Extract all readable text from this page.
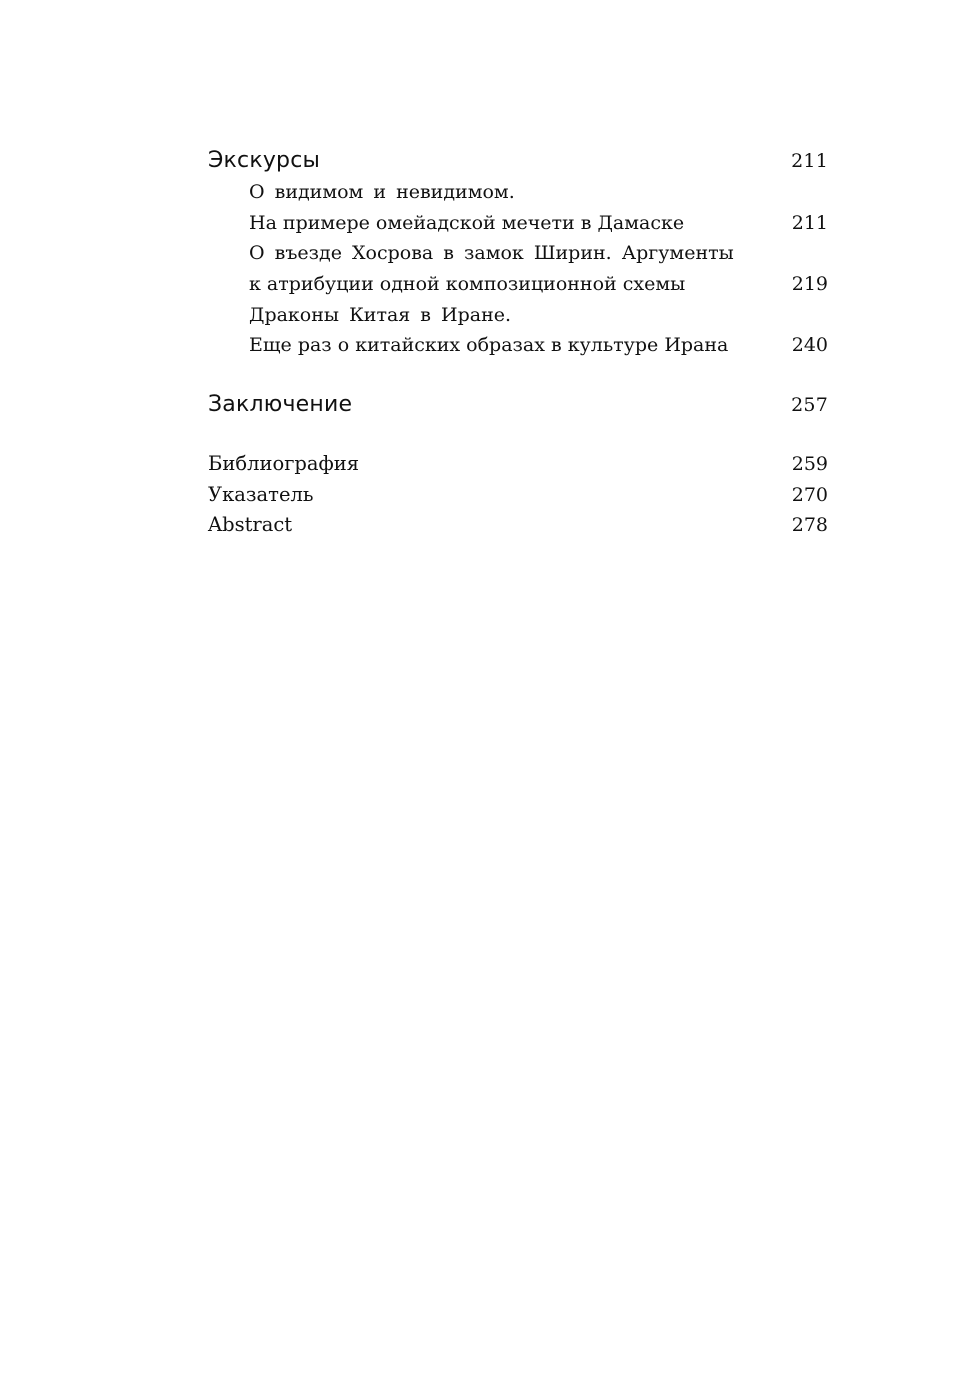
Экскурсы	211
О видимом и невидимом.
На примере омейадской мечети в Дамаске	211
О въезде Хосрова в замок Ширин. Аргументы
к атрибуции одной композиционной схемы	219
Драконы Китая в Иране.
Еще раз о китайских образах в культуре Ирана	240
Заключение	257
Библиография	259
Указатель	270
Abstract	278
